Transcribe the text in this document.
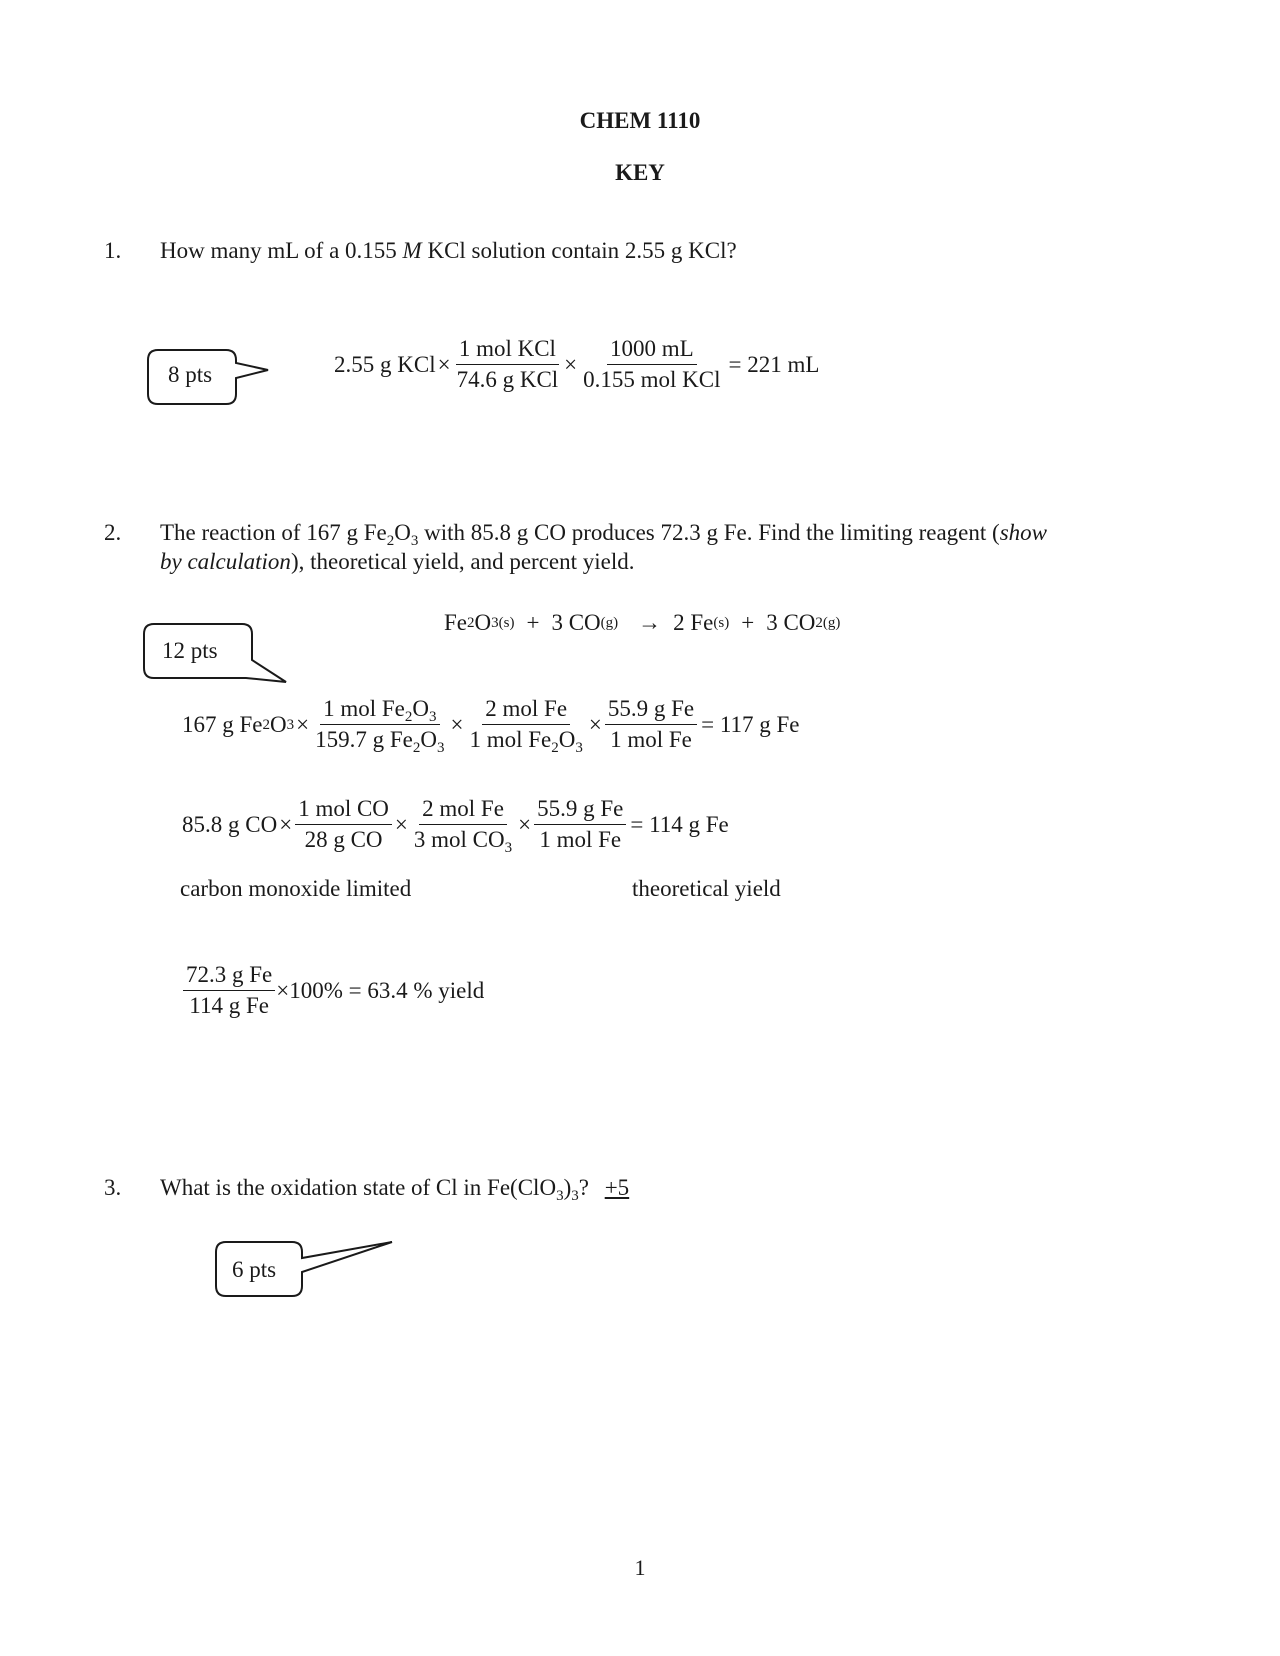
CHEM 1110
KEY
1. How many mL of a 0.155 M KCl solution contain 2.55 g KCl?
8 pts	2.55 g KCl × $\frac{\text{1 mol KCl}}{\text{74.6 g KCl}} \times \frac{1000 mL}{\text{0.155 mol KCl}} = 221$ mL
2. The reaction of 167 g $Fe_2O_3$ with 85.8 g CO produces 72.3 g Fe. Find the limiting reagent (show
by calculation), theoretical yield, and percent yield.
Fe 2 O 3(s) + 3 CO (g) → 2 Fe (s) + 3 CO 2(g)
12 pts
167 g Fe 2 O $3 \times \frac{1 mol Fe_2O_3}{159.7 g Fe_2O_3} \times \frac{\text{2 mol Fe}}{1 mol Fe_2O_3} \times \frac{\text{55.9 g Fe}}{\text{1 mol Fe}} = 117$ g Fe
85.8 g CO × $\frac{\text{1 mol CO}}{\text{28 g CO}} \times \frac{\text{2 mol Fe}}{3 mol CO_3} \times \frac{\text{55.9 g Fe}}{\text{1 mol Fe}} = 114$ g Fe
carbon monoxide limited	theoretical yield
$\frac{\text{72.3 g Fe}}{\text{114 g Fe}} \times 100\% = 63.4$ % yield
3. What is the oxidation state of Cl in $Fe(ClO_3)_3$? +5
6 pts
1
